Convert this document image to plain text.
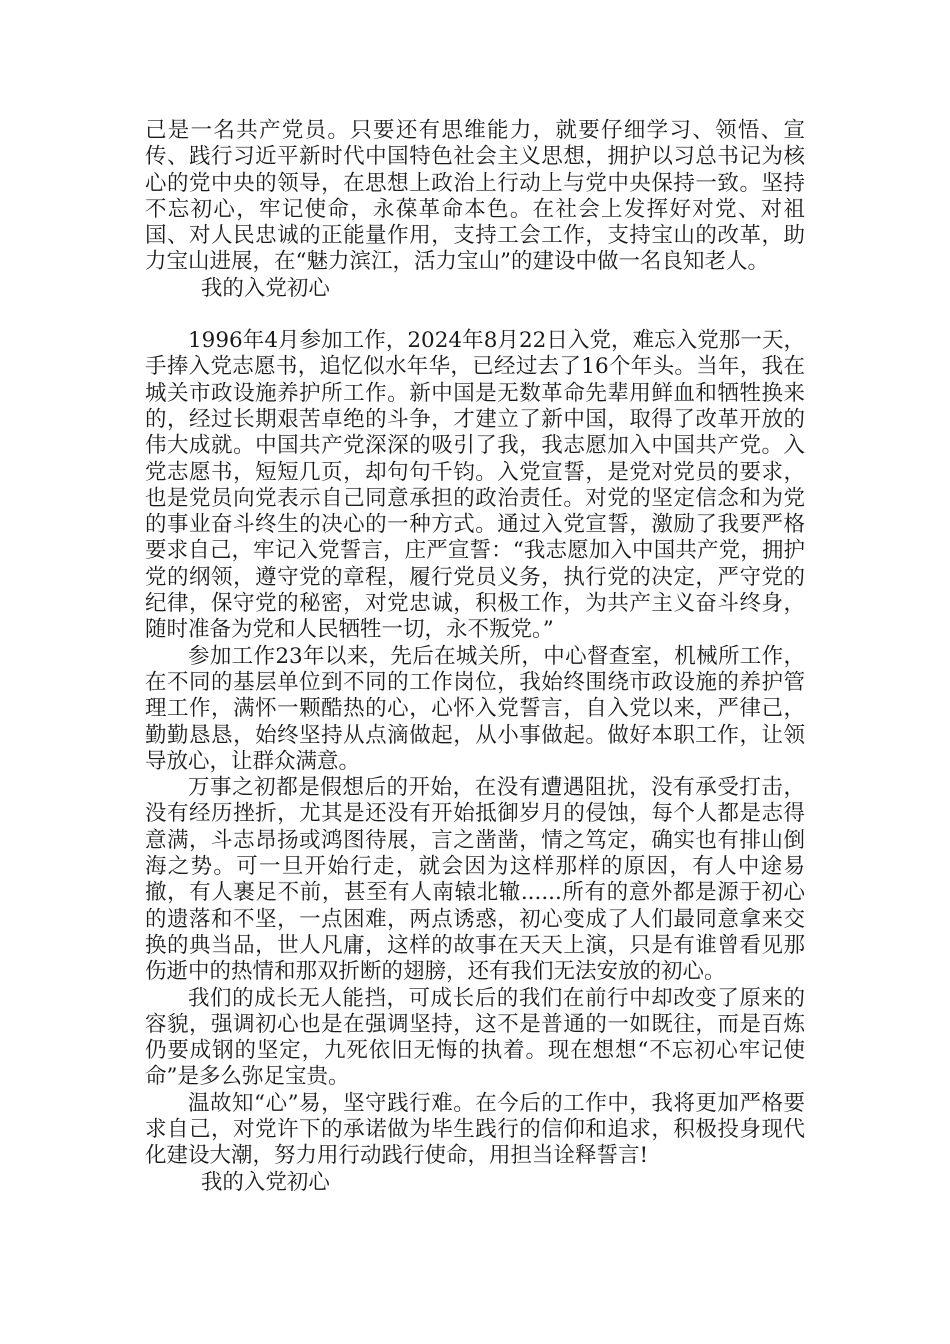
己是一名共产党员。只要还有思维能力，就要仔细学习、领悟、宣传、践行习近平新时代中国特色社会主义思想，拥护以习总书记为核心的党中央的领导，在思想上政治上行动上与党中央保持一致。坚持不忘初心，牢记使命，永葆革命本色。在社会上发挥好对党、对祖国、对人民忠诚的正能量作用，支持工会工作，支持宝山的改革，助力宝山进展，在“魅力滨江，活力宝山”的建设中做一名良知老人。

我的入党初心

1996年4月参加工作，2024年8月22日入党，难忘入党那一天，手捧入党志愿书，追忆似水年华，已经过去了16个年头。当年，我在城关市政设施养护所工作。新中国是无数革命先辈用鲜血和牺牲换来的，经过长期艰苦卓绝的斗争，才建立了新中国，取得了改革开放的伟大成就。中国共产党深深的吸引了我，我志愿加入中国共产党。入党志愿书，短短几页，却句句千钧。入党宣誓，是党对党员的要求，也是党员向党表示自己同意承担的政治责任。对党的坚定信念和为党的事业奋斗终生的决心的一种方式。通过入党宣誓，激励了我要严格要求自己，牢记入党誓言，庄严宣誓：“我志愿加入中国共产党，拥护党的纲领，遵守党的章程，履行党员义务，执行党的决定，严守党的纪律，保守党的秘密，对党忠诚，积极工作，为共产主义奋斗终身，随时准备为党和人民牺牲一切，永不叛党。”

参加工作23年以来，先后在城关所，中心督查室，机械所工作，在不同的基层单位到不同的工作岗位，我始终围绕市政设施的养护管理工作，满怀一颗酷热的心，心怀入党誓言，自入党以来，严律己，勤勤恳恳，始终坚持从点滴做起，从小事做起。做好本职工作，让领导放心，让群众满意。

万事之初都是假想后的开始，在没有遭遇阻扰，没有承受打击，没有经历挫折，尤其是还没有开始抵御岁月的侵蚀，每个人都是志得意满，斗志昂扬或鸿图待展，言之凿凿，情之笃定，确实也有排山倒海之势。可一旦开始行走，就会因为这样那样的原因，有人中途易撤，有人裹足不前，甚至有人南辕北辙......所有的意外都是源于初心的遗落和不坚，一点困难，两点诱惑，初心变成了人们最同意拿来交换的典当品，世人凡庸，这样的故事在天天上演，只是有谁曾看见那伤逝中的热情和那双折断的翅膀，还有我们无法安放的初心。

我们的成长无人能挡，可成长后的我们在前行中却改变了原来的容貌，强调初心也是在强调坚持，这不是普通的一如既往，而是百炼仍要成钢的坚定，九死依旧无悔的执着。现在想想“不忘初心牢记使命”是多么弥足宝贵。

温故知“心”易，坚守践行难。在今后的工作中，我将更加严格要求自己，对党许下的承诺做为毕生践行的信仰和追求，积极投身现代化建设大潮，努力用行动践行使命，用担当诠释誓言!

我的入党初心
